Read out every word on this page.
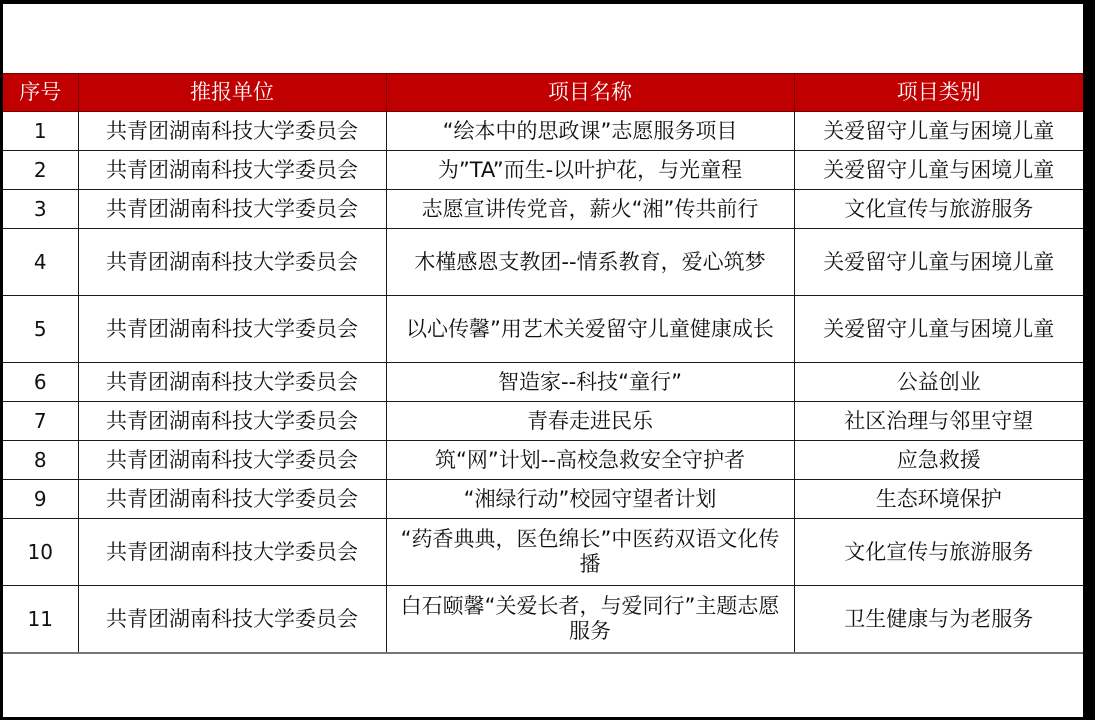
序号	推报单位	项目名称	项目类别
1	共青团湖南科技大学委员会	“绘本中的思政课”志愿服务项目	关爱留守儿童与困境儿童
2	共青团湖南科技大学委员会	为”TA”而生-以叶护花，与光童程	关爱留守儿童与困境儿童
3	共青团湖南科技大学委员会	志愿宣讲传党音，薪火“湘”传共前行	文化宣传与旅游服务
4	共青团湖南科技大学委员会	木槿感恩支教团--情系教育，爱心筑梦	关爱留守儿童与困境儿童
5	共青团湖南科技大学委员会	以心传馨”用艺术关爱留守儿童健康成长	关爱留守儿童与困境儿童
6	共青团湖南科技大学委员会	智造家--科技“童行”	公益创业
7	共青团湖南科技大学委员会	青春走进民乐	社区治理与邻里守望
8	共青团湖南科技大学委员会	筑“网”计划--高校急救安全守护者	应急救援
9	共青团湖南科技大学委员会	“湘绿行动”校园守望者计划	生态环境保护
10	共青团湖南科技大学委员会	“药香典典，医色绵长”中医药双语文化传播	文化宣传与旅游服务
11	共青团湖南科技大学委员会	白石颐馨“关爱长者，与爱同行”主题志愿服务	卫生健康与为老服务
